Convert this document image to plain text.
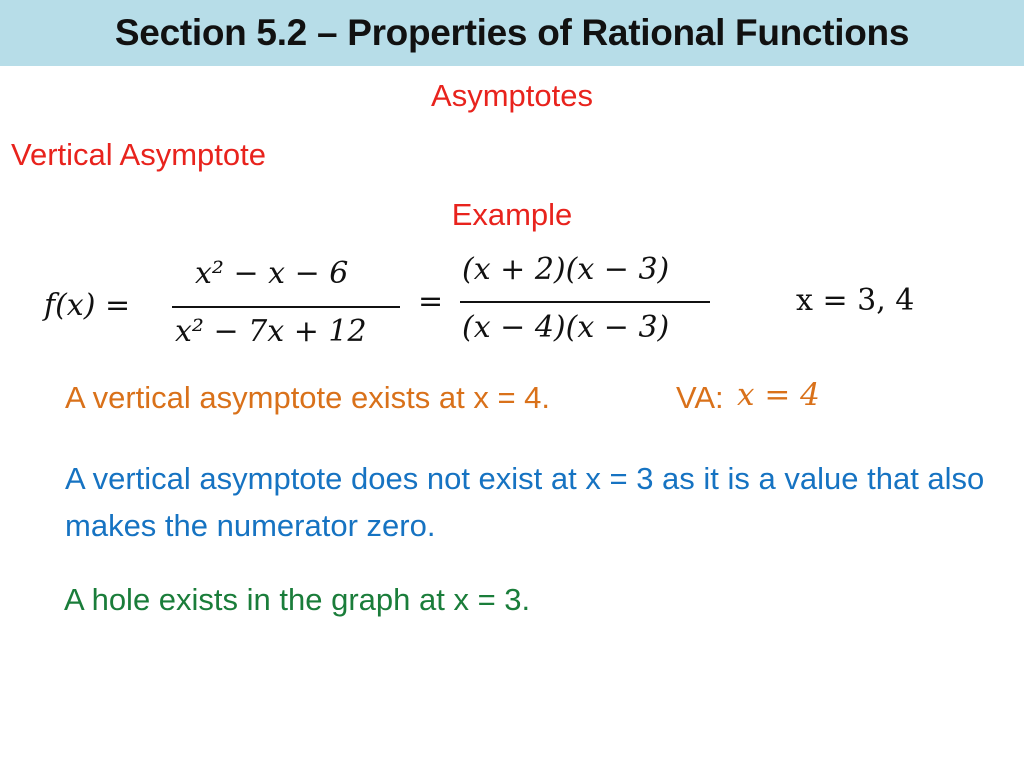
Section 5.2 – Properties of Rational Functions
Asymptotes
Vertical Asymptote
Example
f(x) =
x² − x − 6
x² − 7x + 12
=
(x + 2)(x − 3)
(x − 4)(x − 3)
x = 3, 4
A vertical asymptote exists at x = 4.	VA: x = 4
A vertical asymptote does not exist at x = 3 as it is a value that also makes the numerator zero.
A hole exists in the graph at x = 3.
